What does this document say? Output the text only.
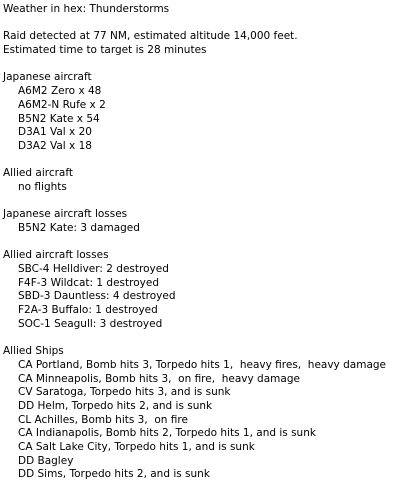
Weather in hex: Thunderstorms
Raid detected at 77 NM, estimated altitude 14,000 feet.
Estimated time to target is 28 minutes
Japanese aircraft
A6M2 Zero x 48
A6M2-N Rufe x 2
B5N2 Kate x 54
D3A1 Val x 20
D3A2 Val x 18
Allied aircraft
no flights
Japanese aircraft losses
B5N2 Kate: 3 damaged
Allied aircraft losses
SBC-4 Helldiver: 2 destroyed
F4F-3 Wildcat: 1 destroyed
SBD-3 Dauntless: 4 destroyed
F2A-3 Buffalo: 1 destroyed
SOC-1 Seagull: 3 destroyed
Allied Ships
CA Portland, Bomb hits 3, Torpedo hits 1,  heavy fires,  heavy damage
CA Minneapolis, Bomb hits 3,  on fire,  heavy damage
CV Saratoga, Torpedo hits 3, and is sunk
DD Helm, Torpedo hits 2, and is sunk
CL Achilles, Bomb hits 3,  on fire
CA Indianapolis, Bomb hits 2, Torpedo hits 1, and is sunk
CA Salt Lake City, Torpedo hits 1, and is sunk
DD Bagley
DD Sims, Torpedo hits 2, and is sunk
